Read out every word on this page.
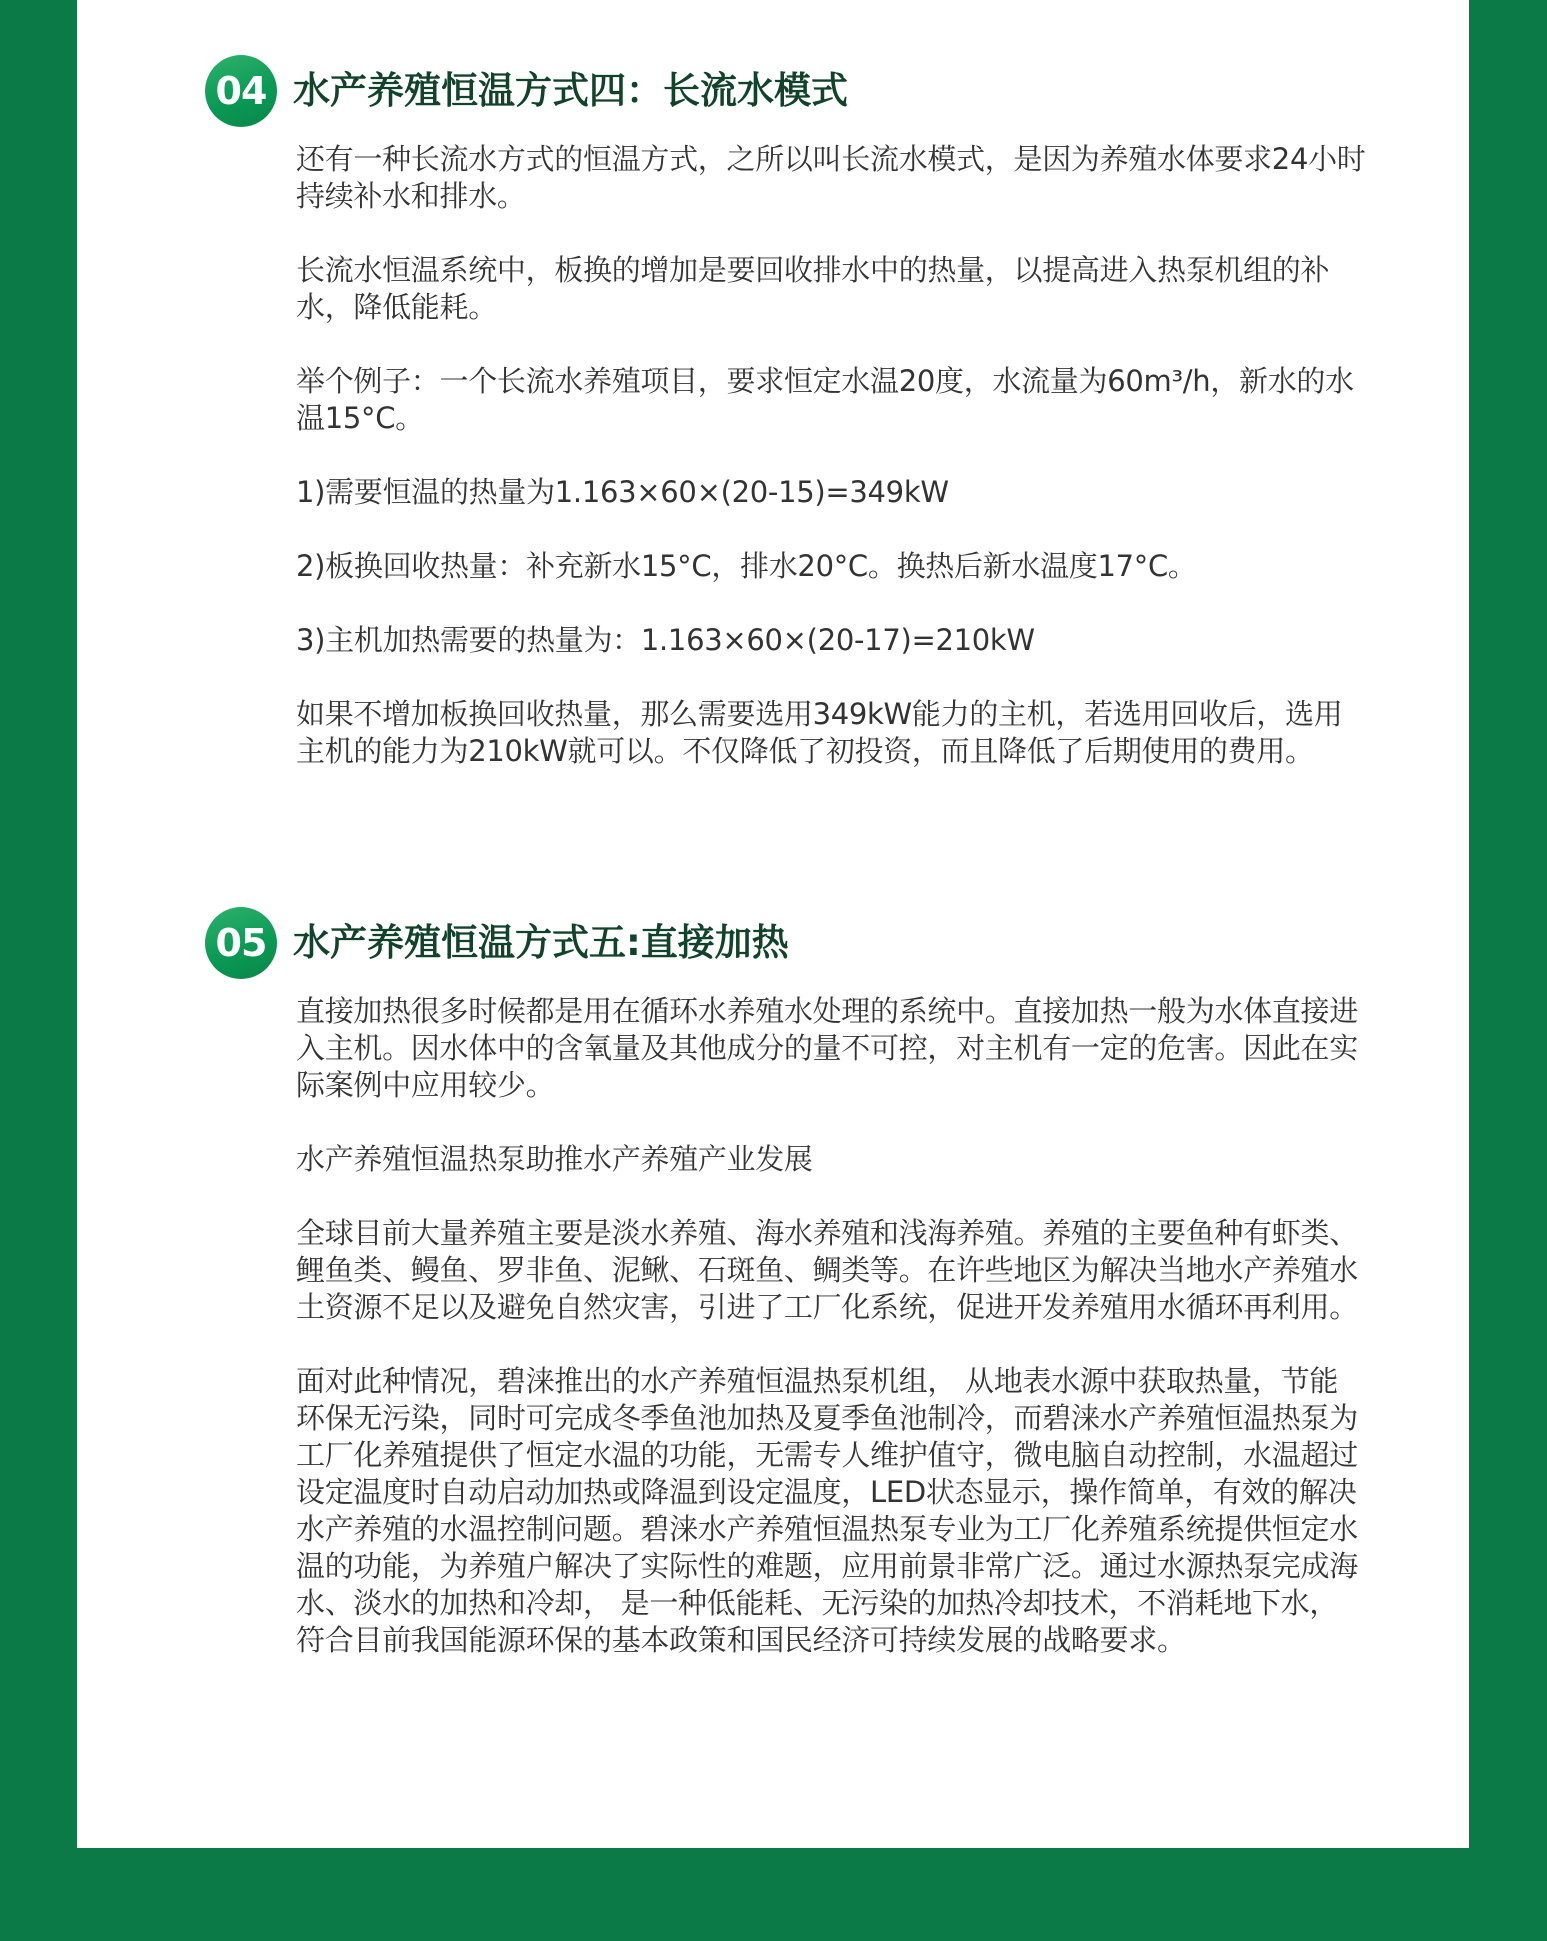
04 水产养殖恒温方式四：长流水模式

还有一种长流水方式的恒温方式，之所以叫长流水模式，是因为养殖水体要求24小时持续补水和排水。

长流水恒温系统中，板换的增加是要回收排水中的热量，以提高进入热泵机组的补水，降低能耗。

举个例子：一个长流水养殖项目，要求恒定水温20度，水流量为60m³/h，新水的水温15°C。

1)需要恒温的热量为1.163×60×(20-15)=349kW

2)板换回收热量：补充新水15°C，排水20°C。换热后新水温度17°C。

3)主机加热需要的热量为：1.163×60×(20-17)=210kW

如果不增加板换回收热量，那么需要选用349kW能力的主机，若选用回收后，选用主机的能力为210kW就可以。不仅降低了初投资，而且降低了后期使用的费用。

05 水产养殖恒温方式五:直接加热

直接加热很多时候都是用在循环水养殖水处理的系统中。直接加热一般为水体直接进入主机。因水体中的含氧量及其他成分的量不可控，对主机有一定的危害。因此在实际案例中应用较少。

水产养殖恒温热泵助推水产养殖产业发展

全球目前大量养殖主要是淡水养殖、海水养殖和浅海养殖。养殖的主要鱼种有虾类、鲤鱼类、鳗鱼、罗非鱼、泥鳅、石斑鱼、鲷类等。在许些地区为解决当地水产养殖水土资源不足以及避免自然灾害，引进了工厂化系统，促进开发养殖用水循环再利用。

面对此种情况，碧涞推出的水产养殖恒温热泵机组， 从地表水源中获取热量，节能环保无污染，同时可完成冬季鱼池加热及夏季鱼池制冷，而碧涞水产养殖恒温热泵为工厂化养殖提供了恒定水温的功能，无需专人维护值守，微电脑自动控制，水温超过设定温度时自动启动加热或降温到设定温度，LED状态显示，操作简单，有效的解决水产养殖的水温控制问题。碧涞水产养殖恒温热泵专业为工厂化养殖系统提供恒定水温的功能，为养殖户解决了实际性的难题，应用前景非常广泛。通过水源热泵完成海水、淡水的加热和冷却， 是一种低能耗、无污染的加热冷却技术，不消耗地下水，符合目前我国能源环保的基本政策和国民经济可持续发展的战略要求。
